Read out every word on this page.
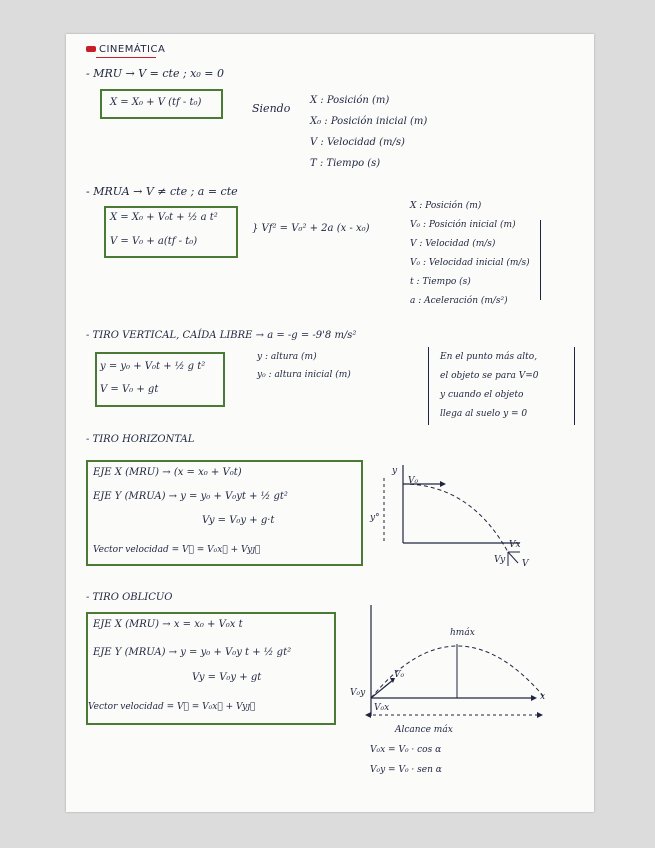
CINEMÁTICA
- MRU → V = cte ; x₀ = 0
X = X₀ + V (tf - t₀)	Siendo
X : Posición (m)
X₀ : Posición inicial (m)
V : Velocidad (m/s)
T : Tiempo (s)
- MRUA → V ≠ cte ; a = cte
X = X₀ + V₀t + ½ a t²
V = V₀ + a(tf - t₀)
} Vf² = V₀² + 2a (x - x₀)
X : Posición (m)
V₀ : Posición inicial (m)
V : Velocidad (m/s)
V₀ : Velocidad inicial (m/s)
t : Tiempo (s)
a : Aceleración (m/s²)
- TIRO VERTICAL, CAÍDA LIBRE → a = -g = -9'8 m/s²
y = y₀ + V₀t + ½ g t²
V = V₀ + gt
y : altura (m)
y₀ : altura inicial (m)
En el punto más alto,
el objeto se para V=0
y cuando el objeto
llega al suelo y = 0
- TIRO HORIZONTAL
EJE X (MRU) → (x = x₀ + V₀t)
EJE Y (MRUA) → y = y₀ + V₀yt + ½ gt²
Vy = V₀y + g·t
Vector velocidad = V⃗ = V₀x⃗ + Vyȷ⃗
y
V₀
y°
Vx
Vy V
- TIRO OBLICUO
EJE X (MRU) → x = x₀ + V₀x t
EJE Y (MRUA) → y = y₀ + V₀y t + ½ gt²
Vy = V₀y + gt
Vector velocidad = V⃗ = V₀x⃗ + Vyȷ⃗
hmáx
V₀
V₀y
V₀x
x
Alcance máx
V₀x = V₀ · cos α
V₀y = V₀ · sen α
